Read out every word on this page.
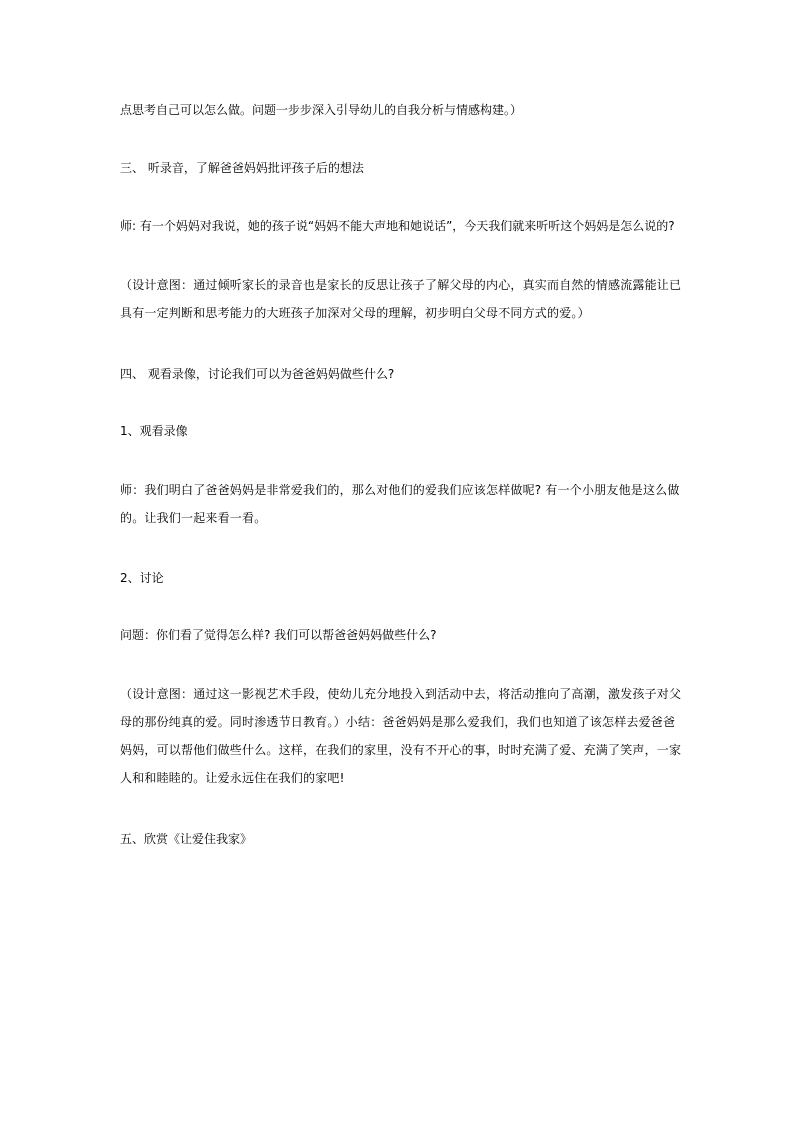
点思考自己可以怎么做。问题一步步深入引导幼儿的自我分析与情感构建。）

三、 听录音，了解爸爸妈妈批评孩子后的想法

师: 有一个妈妈对我说，她的孩子说“妈妈不能大声地和她说话”，今天我们就来听听这个妈妈是怎么说的?

（设计意图：通过倾听家长的录音也是家长的反思让孩子了解父母的内心，真实而自然的情感流露能让已
具有一定判断和思考能力的大班孩子加深对父母的理解，初步明白父母不同方式的爱。）

四、 观看录像，讨论我们可以为爸爸妈妈做些什么?

1、观看录像

师：我们明白了爸爸妈妈是非常爱我们的，那么对他们的爱我们应该怎样做呢? 有一个小朋友他是这么做
的。让我们一起来看一看。

2、讨论

问题：你们看了觉得怎么样? 我们可以帮爸爸妈妈做些什么?

（设计意图：通过这一影视艺术手段，使幼儿充分地投入到活动中去，将活动推向了高潮，激发孩子对父
母的那份纯真的爱。同时渗透节日教育。）小结：爸爸妈妈是那么爱我们，我们也知道了该怎样去爱爸爸
妈妈，可以帮他们做些什么。这样，在我们的家里，没有不开心的事，时时充满了爱、充满了笑声，一家
人和和睦睦的。让爱永远住在我们的家吧!

五、欣赏《让爱住我家》
